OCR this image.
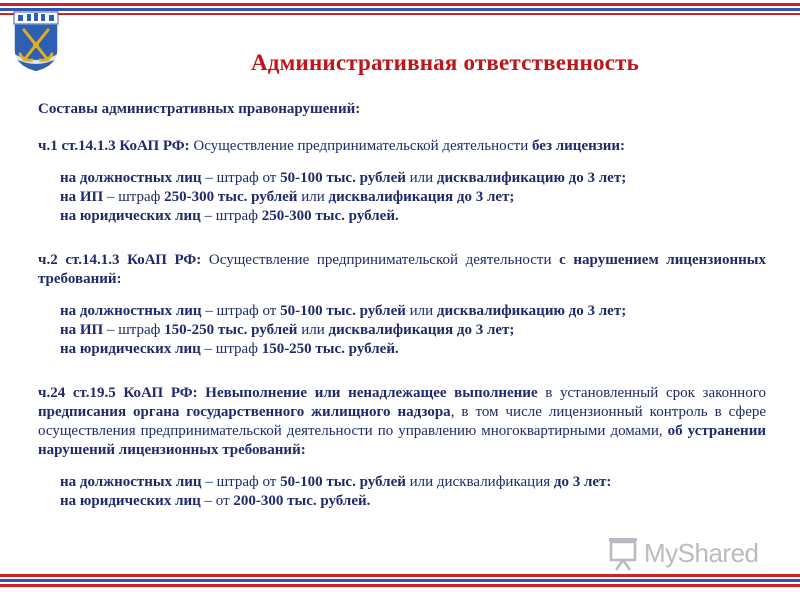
Административная ответственность
Составы административных правонарушений:

ч.1 ст.14.1.3 КоАП РФ: Осуществление предпринимательской деятельности без лицензии:

на должностных лиц – штраф от 50-100 тыс. рублей или дисквалификацию до 3 лет;
на ИП – штраф 250-300 тыс. рублей или дисквалификация до 3 лет;
на юридических лиц – штраф 250-300 тыс. рублей.

ч.2 ст.14.1.3 КоАП РФ: Осуществление предпринимательской деятельности с нарушением лицензионных требований:

на должностных лиц – штраф от 50-100 тыс. рублей или дисквалификацию до 3 лет;
на ИП – штраф 150-250 тыс. рублей или дисквалификация до 3 лет;
на юридических лиц – штраф 150-250 тыс. рублей.

ч.24 ст.19.5 КоАП РФ: Невыполнение или ненадлежащее выполнение в установленный срок законного предписания органа государственного жилищного надзора, в том числе лицензионный контроль в сфере осуществления предпринимательской деятельности по управлению многоквартирными домами, об устранении нарушений лицензионных требований:

на должностных лиц – штраф от 50-100 тыс. рублей или дисквалификация до 3 лет:
на юридических лиц – от 200-300 тыс. рублей.
MyShared
